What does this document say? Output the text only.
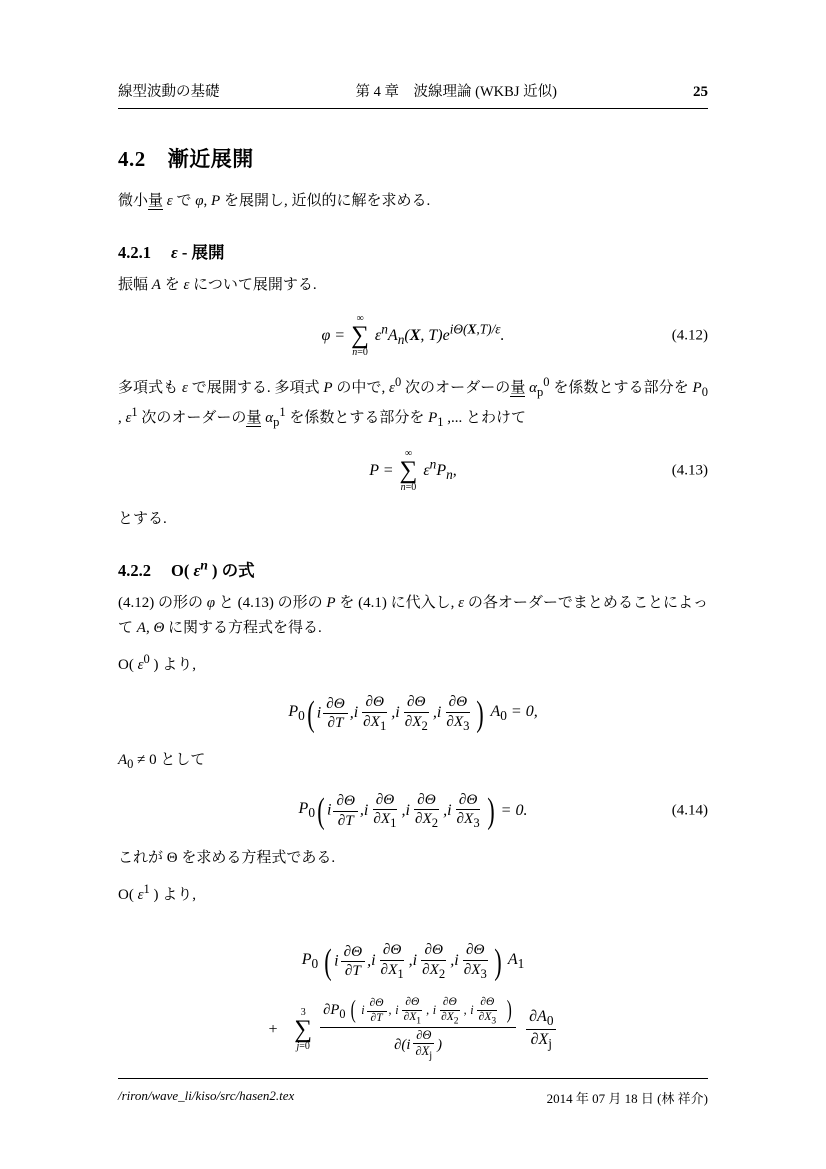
線型波動の基礎	第 4 章　波線理論 (WKBJ 近似)	25
4.2 漸近展開

微小量 ε で φ, P を展開し, 近似的に解を求める.

4.2.1 ε - 展開

振幅 A を ε について展開する.

φ =
∞
∑
n=0
$\varepsilon^nA_n(X$, $T)e^{i\Theta(X,T)/\varepsilon}$.	(4.12)

多項式も ε で展開する. 多項式 P の中で, $\varepsilon^0$ 次のオーダーの量 $\alpha_p^0$ を係数とする部分を $P_0$ , $\varepsilon^1$ 次のオーダーの量 $\alpha_p^1$ を係数とする部分を $P_1$ ,... とわけて

P =
∞
∑
n=0
$\varepsilon^nP_n$,	(4.13)

とする.

4.2.2 O( $\varepsilon^n$ ) の式

(4.12) の形の φ と (4.13) の形の P を (4.1) に代入し, ε の各オーダーでまとめることによって A, Θ に関する方程式を得る.

O( $\varepsilon^0$ ) より,

$P_0$ ( i $\frac{\partial\Theta}{\partial T}$ , i $\frac{\partial\Theta}{\partial X_1}$ , i $\frac{\partial\Theta}{\partial X_2}$ , i $\frac{\partial\Theta}{\partial X_3}$ ) $A_0 = 0$,

$A_0 \ne 0$ として

$P_0$ ( i $\frac{\partial\Theta}{\partial T}$ , i $\frac{\partial\Theta}{\partial X_1}$ , i $\frac{\partial\Theta}{\partial X_2}$ , i $\frac{\partial\Theta}{\partial X_3}$ ) = 0.	(4.14)

これが Θ を求める方程式である.

O( $\varepsilon^1$ ) より,

$P_0$ ( i $\frac{\partial\Theta}{\partial T}$ , i $\frac{\partial\Theta}{\partial X_1}$ , i $\frac{\partial\Theta}{\partial X_2}$ , i $\frac{\partial\Theta}{\partial X_3}$ ) $A_1$
+
3
∑
j=0

$\partial P_0$ ( i $\frac{\partial\Theta}{\partial T}$ , i $\frac{\partial\Theta}{\partial X_1}$ , i $\frac{\partial\Theta}{\partial X_2}$ , i $\frac{\partial\Theta}{\partial X_3}$ )
$\partial(i \frac{\partial\Theta}{\partial X_j}$ )
	$\frac{\partial A_0}{\partial X_j}$
/riron/wave_li/kiso/src/hasen2.tex	2014 年 07 月 18 日 (林 祥介)
